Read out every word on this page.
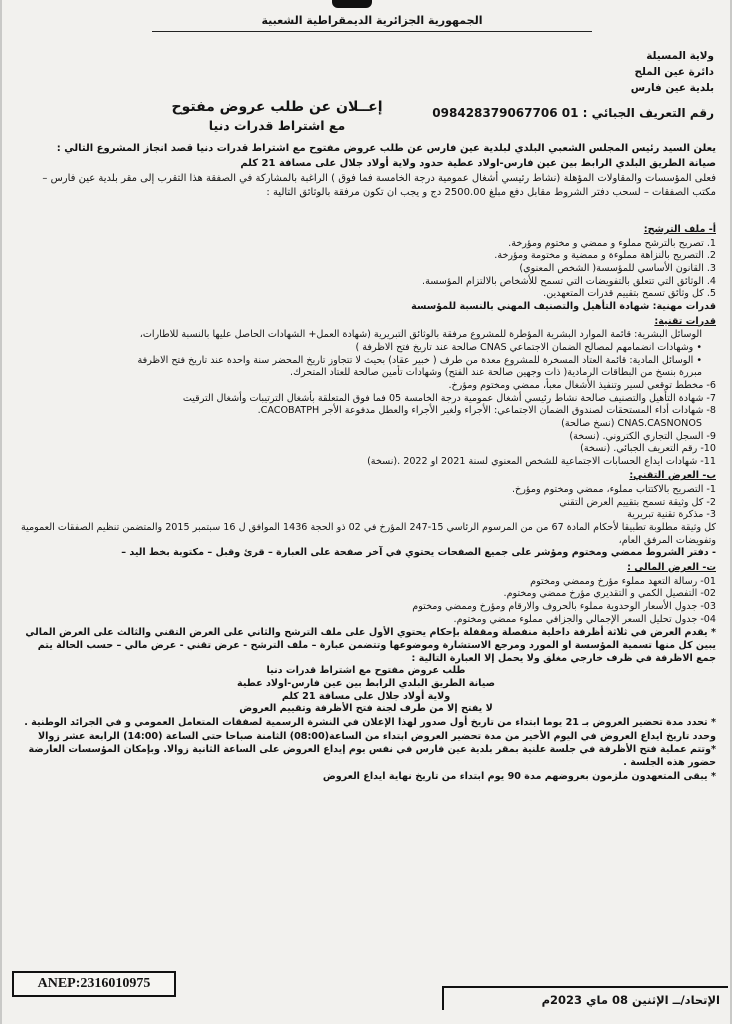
الجمهورية الجزائرية الديمقراطية الشعبية
ولاية المسيلة
دائرة عين الملح
بلدية عين فارس
رقم التعريف الجبائي : 01 098428379067706
إعــلان عن طلب عروض مفتوح
مع اشتراط قدرات دنيا

يعلن السيد رئيس المجلس الشعبي البلدي لبلدية عين فارس عن طلب عروض مفتوح مع اشتراط قدرات دنيا قصد انجاز المشروع التالي :

صيانة الطريق البلدي الرابط بين عين فارس-اولاد عطية حدود ولاية أولاد جلال على مسافة 21 كلم

فعلى المؤسسات والمقاولات المؤهلة (نشاط رئيسي أشغال عمومية درجة الخامسة فما فوق ) الراغبة بالمشاركة في الصفقة هذا التقرب إلى مقر بلدية عين فارس – مكتب الصفقات – لسحب دفتر الشروط مقابل دفع مبلغ 2500.00 دج و يجب ان تكون مرفقة بالوثائق التالية :

أ- ملف الترشح:
1. تصريح بالترشح مملوء و ممضي و مختوم ومؤرخة.
2. التصريح بالنزاهة مملوءة و ممضية و مختومة ومؤرخة.
3. القانون الأساسي للمؤسسة( الشخص المعنوي)
4. الوثائق التي تتعلق بالتفويضات التي تسمح للأشخاص بالالتزام المؤسسة.
5. كل وثائق تسمح بتقييم قدرات المتعهدين.
قدرات مهنية: شهادة التأهيل والتصنيف المهني بالنسبة للمؤسسة
قدرات تقنية:
الوسائل البشرية: قائمة الموارد البشرية المؤطرة للمشروع مرفقة بالوثائق التبريرية (شهادة العمل+ الشهادات الحاصل عليها بالنسبة للاطارات،
• وشهادات انضمامهم لمصالح الضمان الاجتماعي CNAS صالحة عند تاريخ فتح الاظرفة )
• الوسائل المادية: قائمة العتاد المسخرة للمشروع معدة من طرف ( خبير عقاد) بحيث لا تتجاوز تاريخ المحضر سنة واحدة عند تاريخ فتح الاظرفة
مبررة بنسخ من البطاقات الرمادية( ذات وجهين صالحة عند الفتح) وشهادات تأمين صالحة للعتاد المتحرك.
6- مخطط توقعي لسير وتنفيذ الأشغال معبأ، ممضي ومختوم ومؤرخ.
7- شهادة التأهيل والتصنيف صالحة نشاط رئيسي أشغال عمومية درجة الخامسة 05 فما فوق المتعلقة بأشغال الترتيبات وأشغال الترقيت
8- شهادات أداء المستحقات لصندوق الضمان الاجتماعي: الأجراء ولغير الأجراء والعطل مدفوعة الأجر CACOBATPH.
CNAS.CASNONOS (نسخ صالحة)
9- السجل التجاري الكتروني. (نسخة)
10- رقم التعريف الجبائي. (نسخة)
11- شهادات ايداع الحسابات الاجتماعية للشخص المعنوي لسنة 2021 او 2022 .(نسخة)
ب- العرض التقني:
1- التصريح بالاكتتاب مملوء، ممضي ومختوم ومؤرخ.
2- كل وثيقة تسمح بتقييم العرض التقني
3- مذكرة تقنية تبريرية
كل وثيقة مطلوبة تطبيقا لأحكام المادة 67 من من المرسوم الرئاسي 15-247 المؤرخ في 02 ذو الحجة 1436 الموافق ل 16 سبتمبر 2015 والمتضمن تنظيم الصفقات العمومية وتفويضات المرفق العام،
- دفتر الشروط ممضي ومختوم ومؤشر على جميع الصفحات يحتوي في آخر صفحة على العبارة – قرئ وقبل – مكتوبة بخط اليد –
ت- العرض المالي :
01- رسالة التعهد مملوء مؤرخ وممضي ومختوم
02- التفصيل الكمي و التقديري مؤرخ ممضي ومختوم.
03- جدول الأسعار الوحدوية مملوء بالحروف والارقام ومؤرخ وممضي ومختوم
04- جدول تحليل السعر الإجمالي والجزافي مملوء ممضي ومختوم.
* يقدم العرض في ثلاثة أظرفة داخلية منفصلة ومقفلة بإحكام يحتوي الأول على ملف الترشح والثاني على العرض التقني والثالث على العرض المالي يبين كل منها تسمية المؤسسة او المورد ومرجع الاستشارة وموضوعها وتتضمن عبارة – ملف الترشح - عرض تقني - عرض مالي – حسب الحالة يتم جمع الاظرفة في ظرف خارجي مغلق ولا يحمل إلا العبارة التالية :
طلب عروض مفتوح مع اشتراط قدرات دنيا
صيانة الطريق البلدي الرابط بين عين فارس-اولاد عطية
ولاية أولاد جلال على مسافة 21 كلم
لا يفتح إلا من طرف لجنة فتح الأظرفة وتقييم العروض
* تحدد مدة تحضير العروض بـ 21 يوما ابتداء من تاريخ أول صدور لهذا الإعلان في النشرة الرسمية لصفقات المتعامل العمومي و في الجرائد الوطنية .
وحدد تاريخ ايداع العروض في اليوم الأخير من مدة تحضير العروض ابتداء من الساعة(08:00) الثامنة صباحا حتى الساعة (14:00) الرابعة عشر زوالا
*وتتم عملية فتح الأظرفة في جلسة علنية بمقر بلدية عين فارس في نفس يوم إيداع العروض على الساعة الثانية زوالا. وبإمكان المؤسسات العارضة حضور هذه الجلسة .
* يبقى المتعهدون ملزمون بعروضهم مدة 90 يوم ابتداء من تاريخ نهاية ايداع العروض
ANEP:2316010975
الإتحاد/ــ الإثنين 08 ماي 2023م
